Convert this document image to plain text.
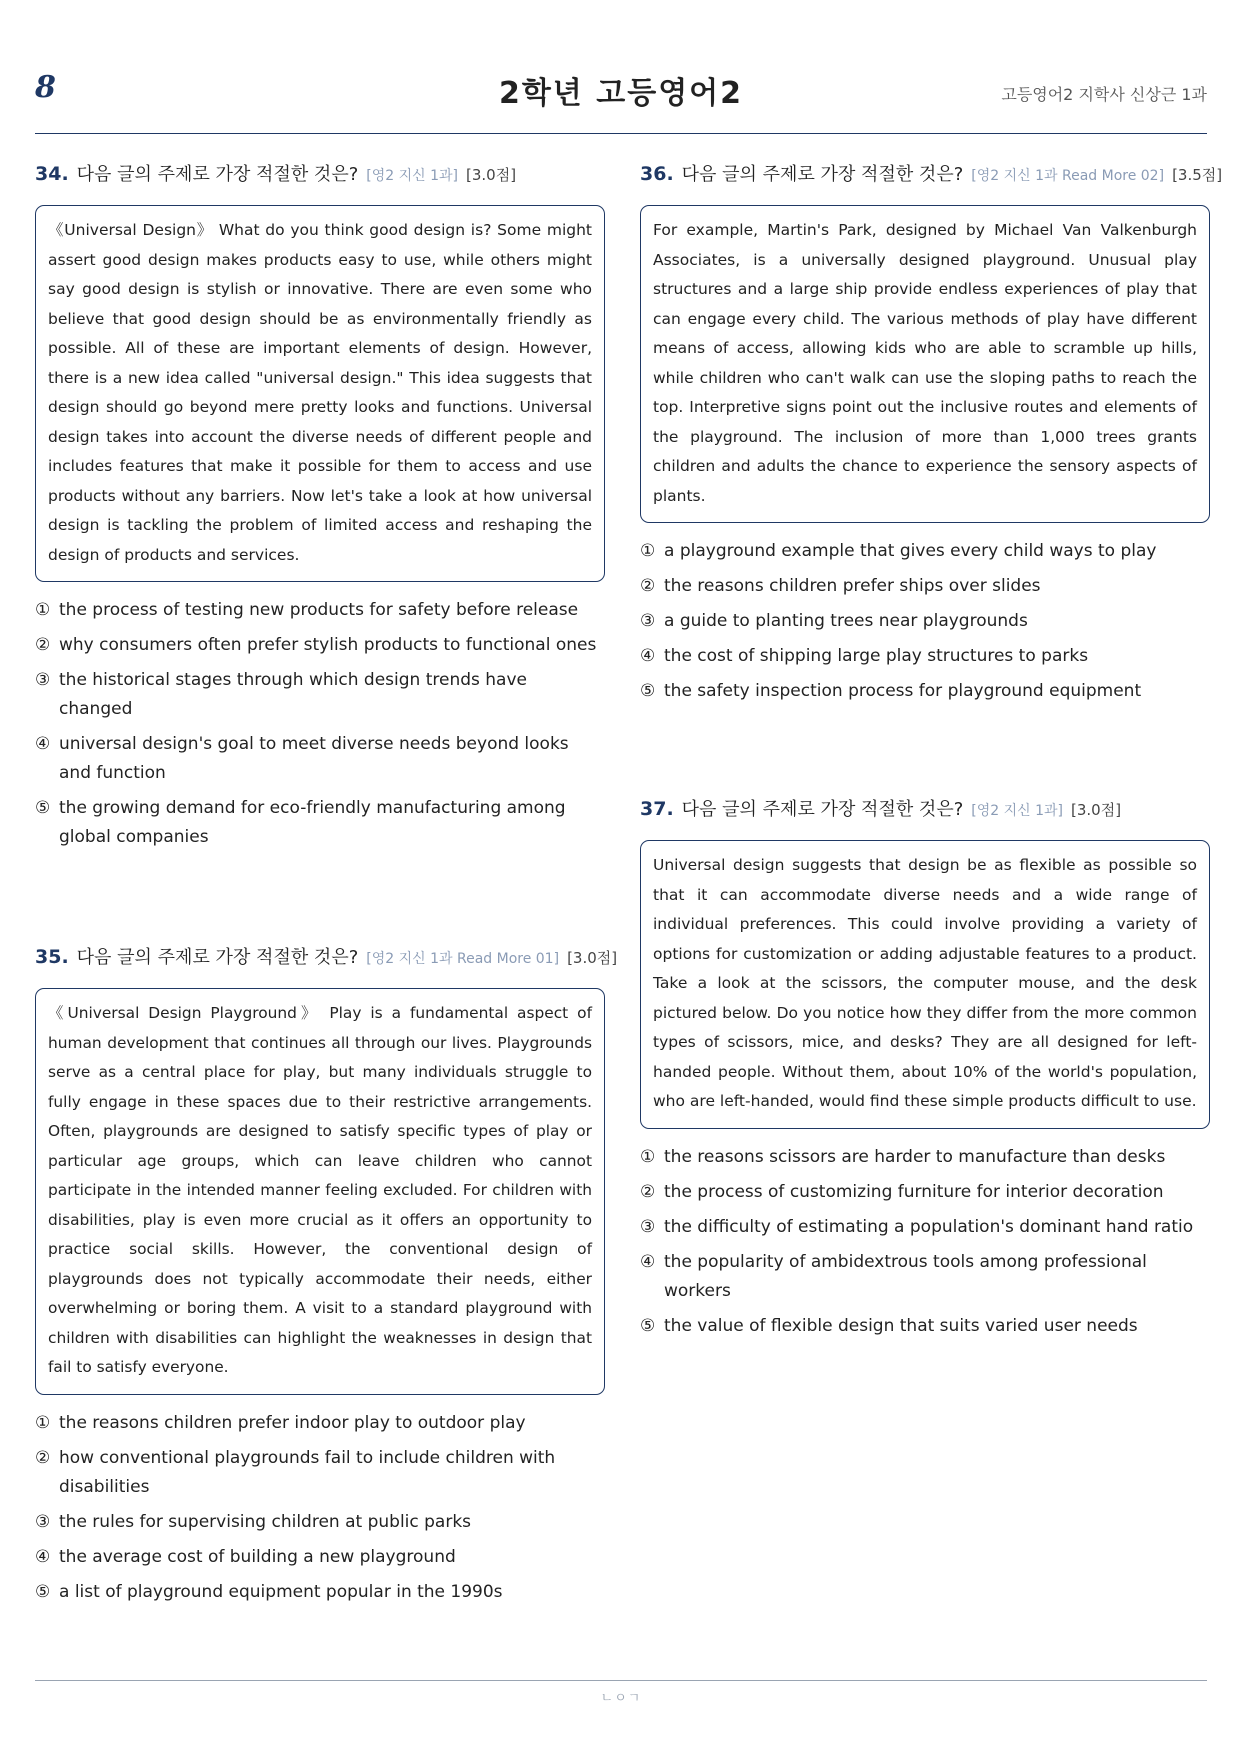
8	2학년 고등영어2	고등영어2 지학사 신상근 1과
34. 다음 글의 주제로 가장 적절한 것은? [영2 지신 1과] [3.0점]
《Universal Design》 What do you think good design is? Some might assert good design makes products easy to use, while others might say good design is stylish or innovative. There are even some who believe that good design should be as environmentally friendly as possible. All of these are important elements of design. However, there is a new idea called "universal design." This idea suggests that design should go beyond mere pretty looks and functions. Universal design takes into account the diverse needs of different people and includes features that make it possible for them to access and use products without any barriers. Now let's take a look at how universal design is tackling the problem of limited access and reshaping the design of products and services.
① the process of testing new products for safety before release
② why consumers often prefer stylish products to functional ones
③ the historical stages through which design trends have changed
④ universal design's goal to meet diverse needs beyond looks and function
⑤ the growing demand for eco-friendly manufacturing among global companies
35. 다음 글의 주제로 가장 적절한 것은? [영2 지신 1과 Read More 01] [3.0점]
《Universal Design Playground》 Play is a fundamental aspect of human development that continues all through our lives. Playgrounds serve as a central place for play, but many individuals struggle to fully engage in these spaces due to their restrictive arrangements. Often, playgrounds are designed to satisfy specific types of play or particular age groups, which can leave children who cannot participate in the intended manner feeling excluded. For children with disabilities, play is even more crucial as it offers an opportunity to practice social skills. However, the conventional design of playgrounds does not typically accommodate their needs, either overwhelming or boring them. A visit to a standard playground with children with disabilities can highlight the weaknesses in design that fail to satisfy everyone.
① the reasons children prefer indoor play to outdoor play
② how conventional playgrounds fail to include children with disabilities
③ the rules for supervising children at public parks
④ the average cost of building a new playground
⑤ a list of playground equipment popular in the 1990s
36. 다음 글의 주제로 가장 적절한 것은? [영2 지신 1과 Read More 02] [3.5점]
For example, Martin's Park, designed by Michael Van Valkenburgh Associates, is a universally designed playground. Unusual play structures and a large ship provide endless experiences of play that can engage every child. The various methods of play have different means of access, allowing kids who are able to scramble up hills, while children who can't walk can use the sloping paths to reach the top. Interpretive signs point out the inclusive routes and elements of the playground. The inclusion of more than 1,000 trees grants children and adults the chance to experience the sensory aspects of plants.
① a playground example that gives every child ways to play
② the reasons children prefer ships over slides
③ a guide to planting trees near playgrounds
④ the cost of shipping large play structures to parks
⑤ the safety inspection process for playground equipment
37. 다음 글의 주제로 가장 적절한 것은? [영2 지신 1과] [3.0점]
Universal design suggests that design be as flexible as possible so that it can accommodate diverse needs and a wide range of individual preferences. This could involve providing a variety of options for customization or adding adjustable features to a product. Take a look at the scissors, the computer mouse, and the desk pictured below. Do you notice how they differ from the more common types of scissors, mice, and desks? They are all designed for left-handed people. Without them, about 10% of the world's population, who are left-handed, would find these simple products difficult to use.
① the reasons scissors are harder to manufacture than desks
② the process of customizing furniture for interior decoration
③ the difficulty of estimating a population's dominant hand ratio
④ the popularity of ambidextrous tools among professional workers
⑤ the value of flexible design that suits varied user needs
ㄴㅇㄱ
